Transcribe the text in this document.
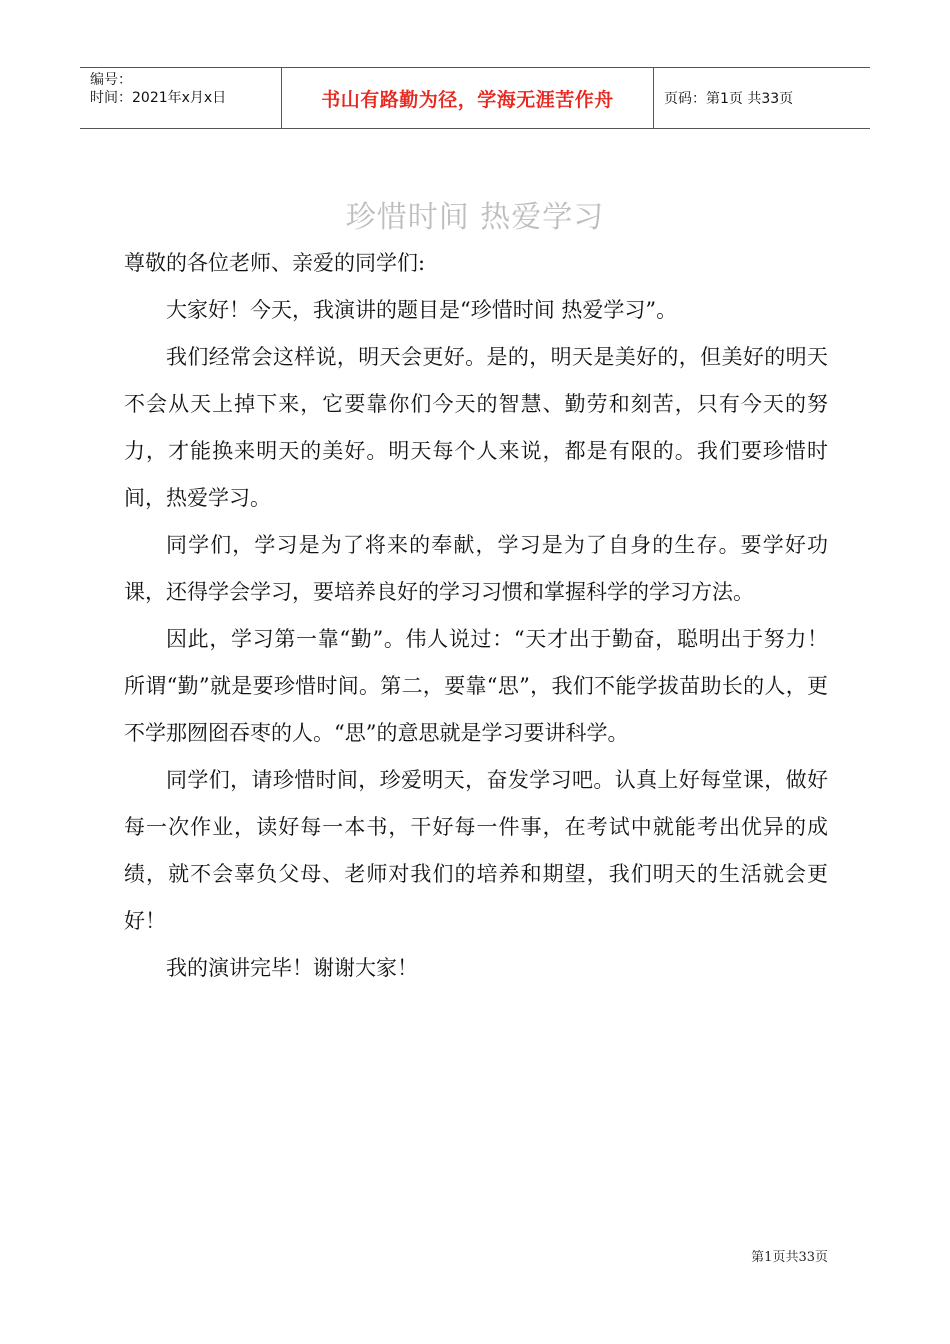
编号：
时间：2021年x月x日	书山有路勤为径，学海无涯苦作舟	页码：第1页 共33页
珍惜时间 热爱学习

尊敬的各位老师、亲爱的同学们:

大家好！今天，我演讲的题目是“珍惜时间 热爱学习”。

我们经常会这样说，明天会更好。是的，明天是美好的，但美好的明天不会从天上掉下来，它要靠你们今天的智慧、勤劳和刻苦，只有今天的努力，才能换来明天的美好。明天每个人来说，都是有限的。我们要珍惜时间，热爱学习。

同学们，学习是为了将来的奉献，学习是为了自身的生存。要学好功课，还得学会学习，要培养良好的学习习惯和掌握科学的学习方法。

因此，学习第一靠“勤”。伟人说过：“天才出于勤奋，聪明出于努力！所谓“勤”就是要珍惜时间。第二，要靠“思”，我们不能学拔苗助长的人，更不学那囫囵吞枣的人。“思”的意思就是学习要讲科学。

同学们，请珍惜时间，珍爱明天，奋发学习吧。认真上好每堂课，做好每一次作业，读好每一本书，干好每一件事，在考试中就能考出优异的成绩，就不会辜负父母、老师对我们的培养和期望，我们明天的生活就会更好！

我的演讲完毕！谢谢大家！

第1页共33页
